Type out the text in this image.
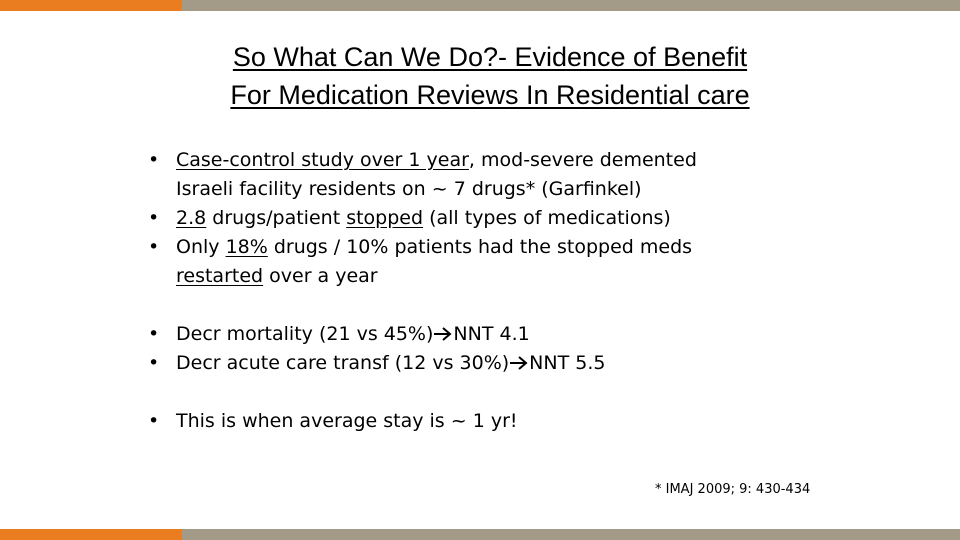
So What Can We Do?- Evidence of Benefit
For Medication Reviews In Residential care
• Case-control study over 1 year, mod-severe demented
Israeli facility residents on ~ 7 drugs* (Garfinkel)
• 2.8 drugs/patient stopped (all types of medications)
• Only 18% drugs / 10% patients had the stopped meds
restarted over a year
• Decr mortality (21 vs 45%) NNT 4.1
• Decr acute care transf (12 vs 30%) NNT 5.5
• This is when average stay is ~ 1 yr!
* IMAJ 2009; 9: 430-434
